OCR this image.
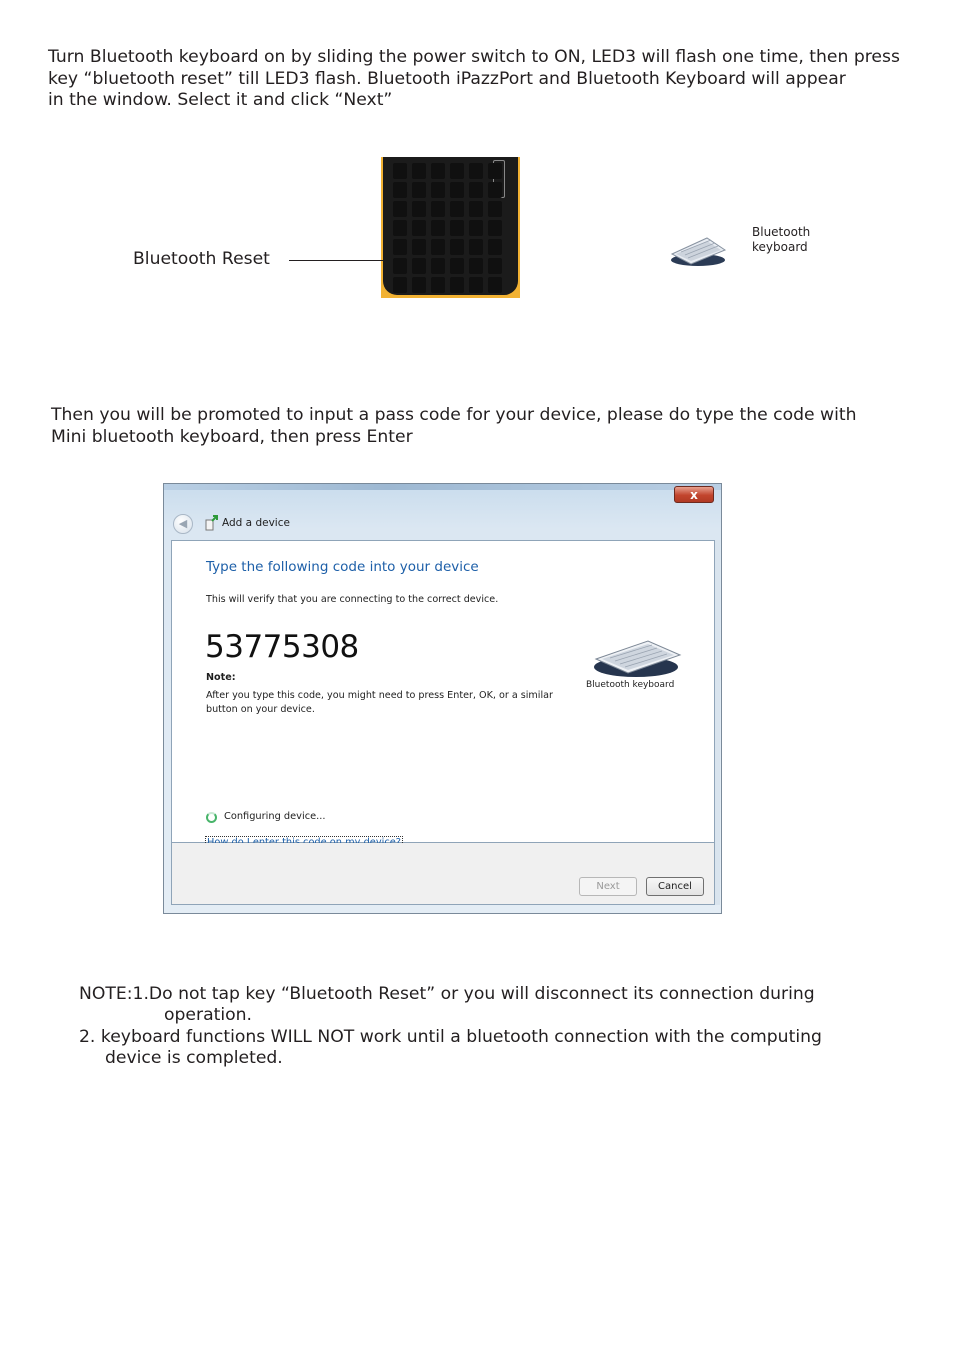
Turn Bluetooth keyboard on by sliding the power switch to ON, LED3 will flash one time, then press
key “bluetooth reset” till LED3 flash. Bluetooth iPazzPort and Bluetooth Keyboard will appear
in the window. Select it and click “Next”
Bluetooth Reset
Bluetooth
keyboard
Then you will be promoted to input a pass code for your device, please do type the code with
Mini bluetooth keyboard, then press Enter
x
◀	Add a device
Type the following code into your device
This will verify that you are connecting to the correct device.
53775308
Note:
After you type this code, you might need to press Enter, OK, or a similar
button on your device.
Bluetooth keyboard
Configuring device...
Next	Cancel
NOTE:1.Do not tap key “Bluetooth Reset” or you will disconnect its connection during
operation.
2. keyboard functions WILL NOT work until a bluetooth connection with the computing
device is completed.
